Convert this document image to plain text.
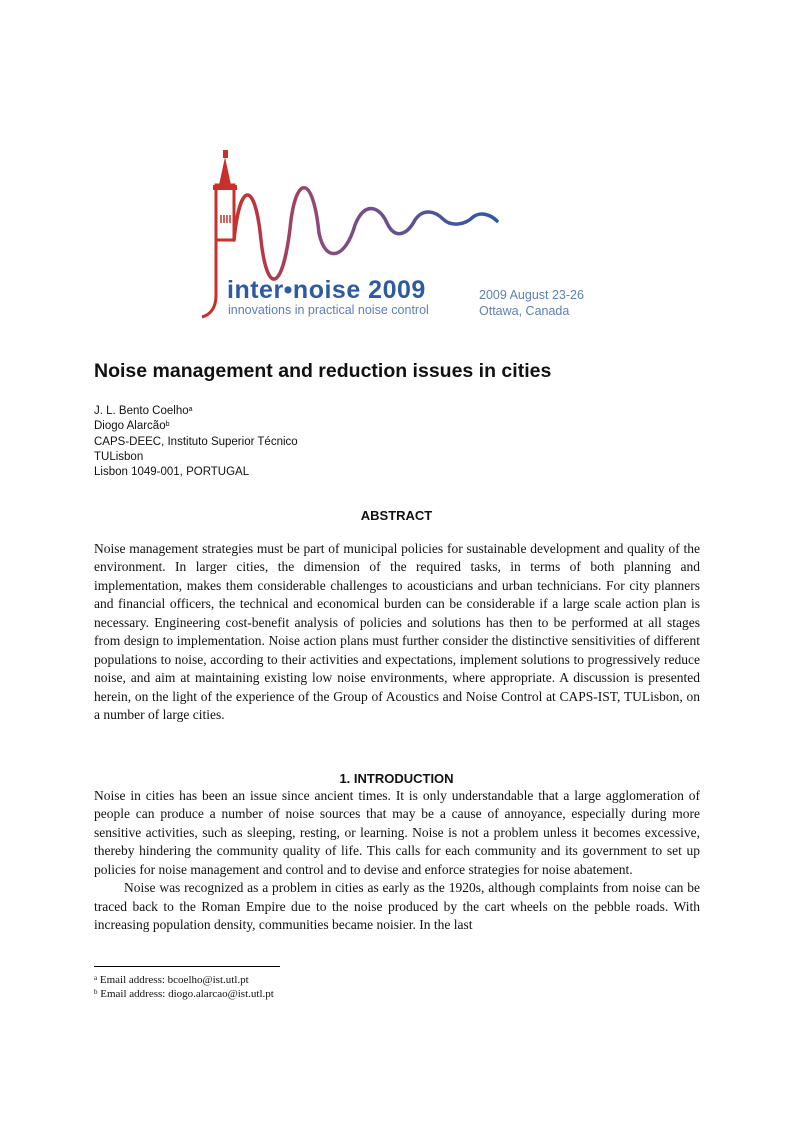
inter•noise 2009
innovations in practical noise control
2009 August 23-26
Ottawa, Canada
Noise management and reduction issues in cities
J. L. Bento Coelho$^a$
Diogo Alarcão$^b$
CAPS-DEEC, Instituto Superior Técnico
TULisbon
Lisbon 1049-001, PORTUGAL
ABSTRACT

Noise management strategies must be part of municipal policies for sustainable development and quality of the environment. In larger cities, the dimension of the required tasks, in terms of both planning and implementation, makes them considerable challenges to acousticians and urban technicians. For city planners and financial officers, the technical and economical burden can be considerable if a large scale action plan is necessary. Engineering cost-benefit analysis of policies and solutions has then to be performed at all stages from design to implementation. Noise action plans must further consider the distinctive sensitivities of different populations to noise, according to their activities and expectations, implement solutions to progressively reduce noise, and aim at maintaining existing low noise environments, where appropriate. A discussion is presented herein, on the light of the experience of the Group of Acoustics and Noise Control at CAPS-IST, TULisbon, on a number of large cities.

1. INTRODUCTION

Noise in cities has been an issue since ancient times. It is only understandable that a large agglomeration of people can produce a number of noise sources that may be a cause of annoyance, especially during more sensitive activities, such as sleeping, resting, or learning. Noise is not a problem unless it becomes excessive, thereby hindering the community quality of life. This calls for each community and its government to set up policies for noise management and control and to devise and enforce strategies for noise abatement.

Noise was recognized as a problem in cities as early as the 1920s, although complaints from noise can be traced back to the Roman Empire due to the noise produced by the cart wheels on the pebble roads. With increasing population density, communities became noisier. In the last

$^a$ Email address: bcoelho@ist.utl.pt
$^b$ Email address: diogo.alarcao@ist.utl.pt
